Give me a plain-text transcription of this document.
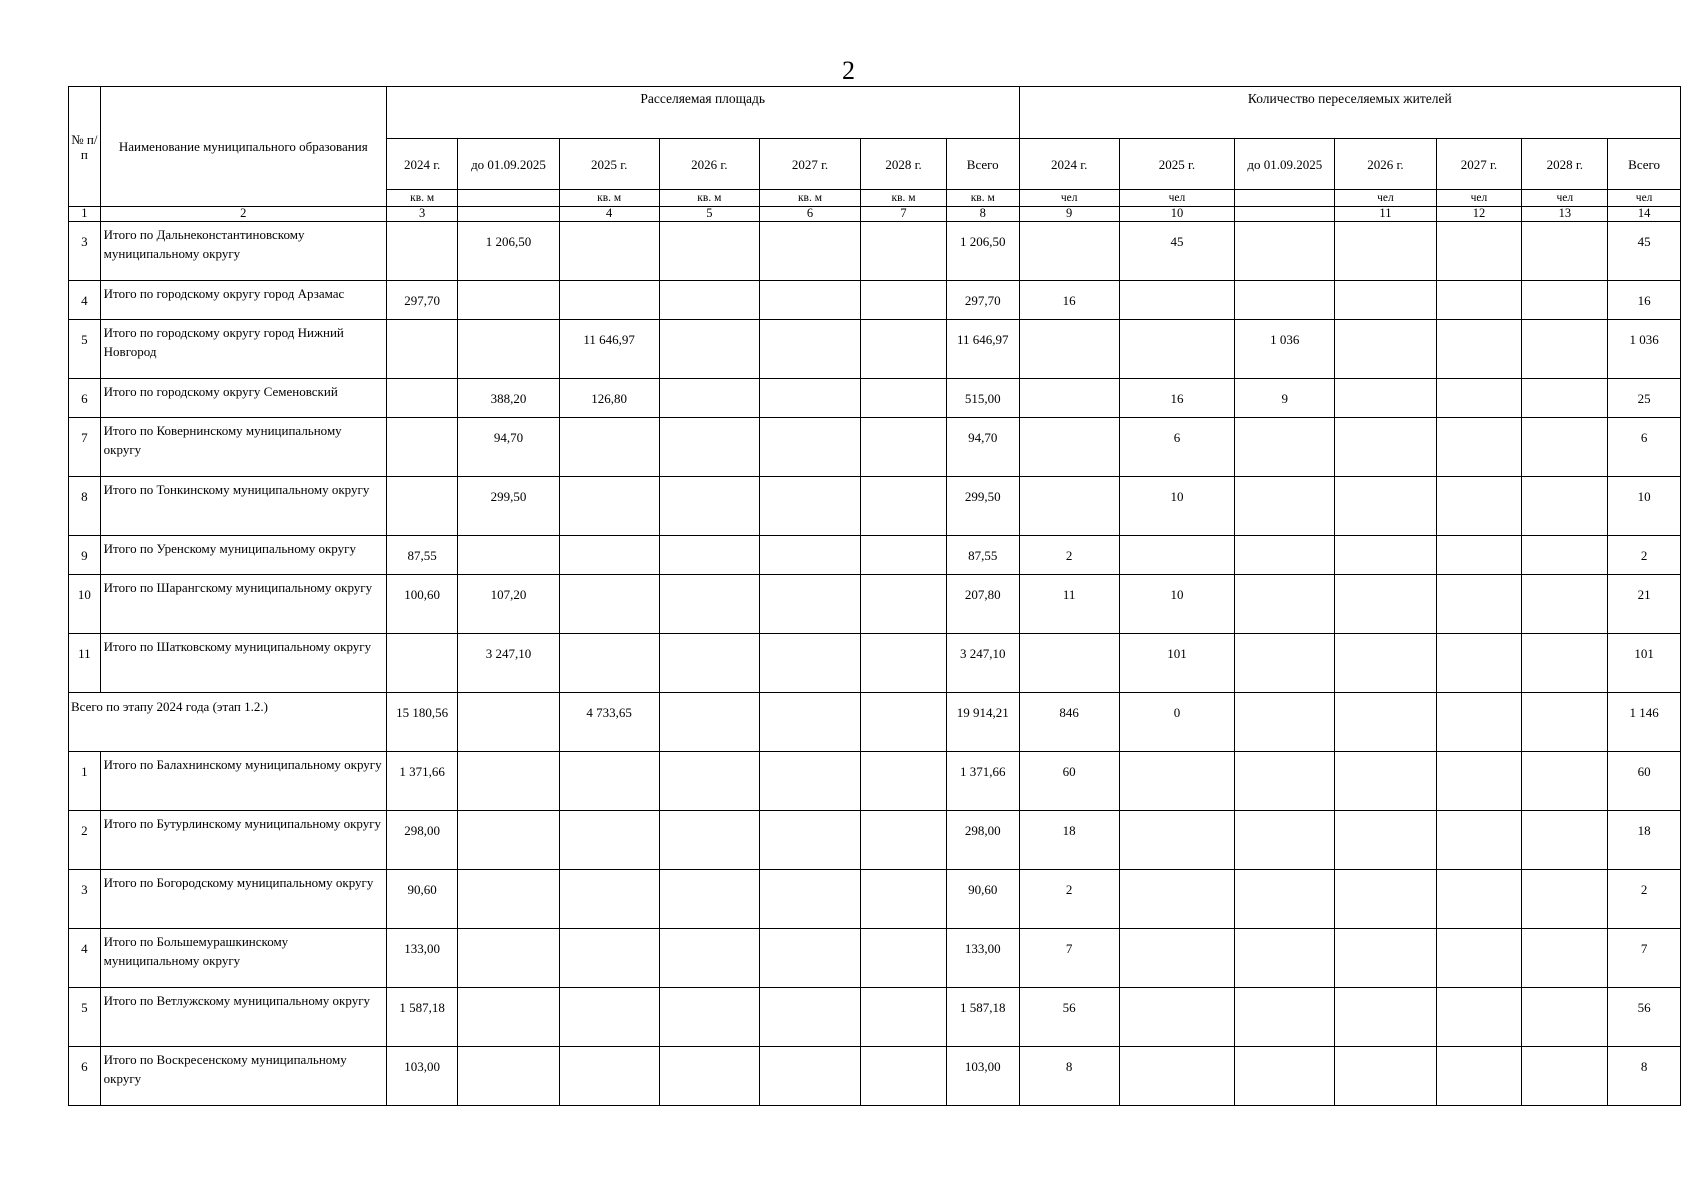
2
№ п/п	Наименование муниципального образования	Расселяемая площадь							Количество переселяемых жителей						
		2024 г.	до 01.09.2025	2025 г.	2026 г.	2027 г.	2028 г.	Всего	2024 г.	2025 г.	до 01.09.2025	2026 г.	2027 г.	2028 г.	Всего
		кв. м		кв. м	кв. м	кв. м	кв. м	кв. м	чел	чел		чел	чел	чел	чел
1	2	3		4	5	6	7	8	9	10		11	12	13	14
3	Итого по Дальнеконстантиновскому муниципальному округу		1 206,50					1 206,50		45					45
4	Итого по городскому округу город Арзамас	297,70						297,70	16						16
5	Итого по городскому округу город Нижний Новгород			11 646,97				11 646,97			1 036				1 036
6	Итого по городскому округу Семеновский		388,20	126,80				515,00		16	9				25
7	Итого по Ковернинскому муниципальному округу		94,70					94,70		6					6
8	Итого по Тонкинскому муниципальному округу		299,50					299,50		10					10
9	Итого по Уренскому муниципальному округу	87,55						87,55	2						2
10	Итого по Шарангскому муниципальному округу	100,60	107,20					207,80	11	10					21
11	Итого по Шатковскому муниципальному округу		3 247,10					3 247,10		101					101
Всего по этапу 2024 года (этап 1.2.)		15 180,56		4 733,65				19 914,21	846	0					1 146
1	Итого по Балахнинскому муниципальному округу	1 371,66						1 371,66	60						60
2	Итого по Бутурлинскому муниципальному округу	298,00						298,00	18						18
3	Итого по Богородскому муниципальному округу	90,60						90,60	2						2
4	Итого по Большемурашкинскому муниципальному округу	133,00						133,00	7						7
5	Итого по Ветлужскому муниципальному округу	1 587,18						1 587,18	56						56
6	Итого по Воскресенскому муниципальному округу	103,00						103,00	8						8
